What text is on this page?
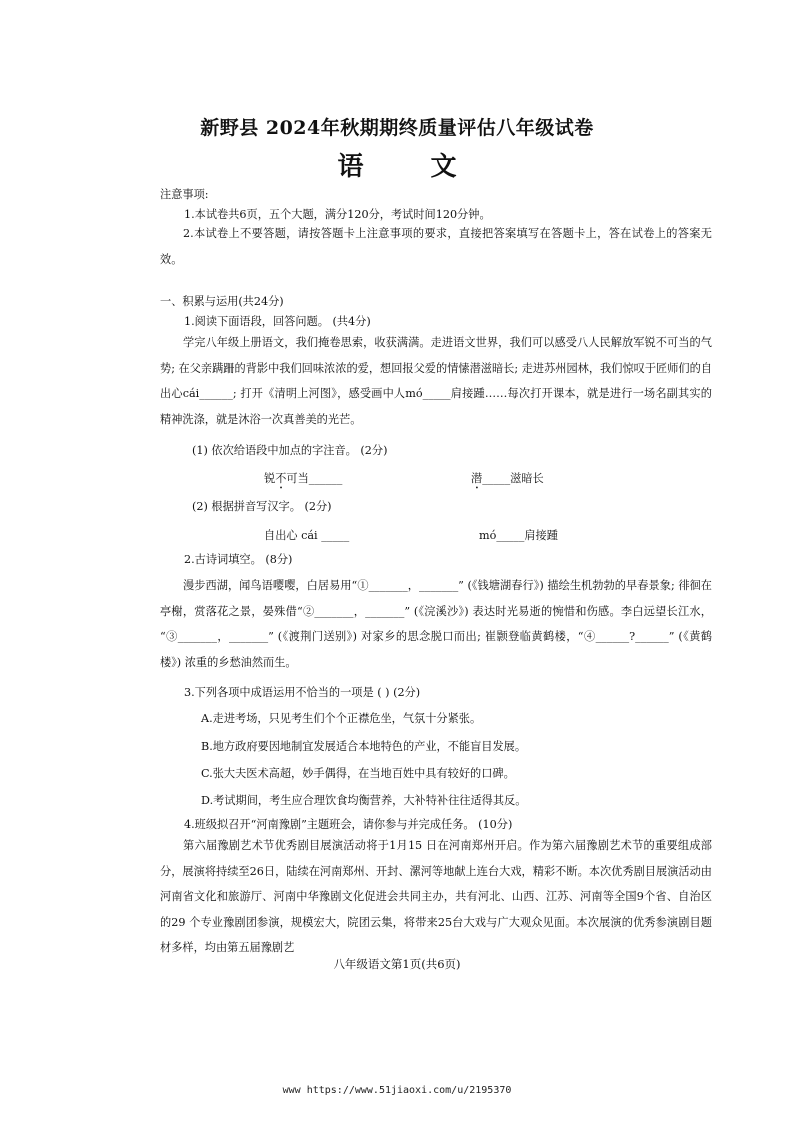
新野县 2024年秋期期终质量评估八年级试卷
语 文
注意事项:
1.本试卷共6页，五个大题，满分120分，考试时间120分钟。

2.本试卷上不要答题，请按答题卡上注意事项的要求，直接把答案填写在答题卡上，答在试卷上的答案无效。

一、积累与运用(共24分)
1.阅读下面语段，回答问题。 (共4分)

学完八年级上册语文，我们掩卷思索，收获满满。走进语文世界，我们可以感受八人民解放军锐不可当的气势; 在父亲蹒跚的背影中我们回味浓浓的爱，想回报父爱的情愫潜滋暗长; 走进苏州园林，我们惊叹于匠师们的自出心cái______; 打开《清明上河图》，感受画中人mó_____肩接踵……每次打开课本，就是进行一场名副其实的精神洗涤，就是沐浴一次真善美的光芒。

(1) 依次给语段中加点的字注音。 (2分)
锐不可当______	潜_____滋暗长
(2) 根据拼音写汉字。 (2分)
自出心 cái _____	mó_____肩接踵
2.古诗词填空。 (8分)

漫步西湖，闻鸟语嘤嘤，白居易用“①_______，_______” (《钱塘湖春行》) 描绘生机勃勃的早春景象; 徘徊在亭榭，赏落花之景，晏殊借“②_______，_______” (《浣溪沙》) 表达时光易逝的惋惜和伤感。李白远望长江水， “③_______，_______” (《渡荆门送别》) 对家乡的思念脱口而出; 崔颢登临黄鹤楼，“④______?______” (《黄鹤楼》) 浓重的乡愁油然而生。

3.下列各项中成语运用不恰当的一项是 ( ) (2分)
A.走进考场，只见考生们个个正襟危坐，气氛十分紧张。
B.地方政府要因地制宜发展适合本地特色的产业，不能盲目发展。
C.张大夫医术高超，妙手偶得，在当地百姓中具有较好的口碑。
D.考试期间，考生应合理饮食均衡营养，大补特补往往适得其反。
4.班级拟召开“河南豫剧”主题班会，请你参与并完成任务。 (10分)

第六届豫剧艺术节优秀剧目展演活动将于1月15 日在河南郑州开启。作为第六届豫剧艺术节的重要组成部分，展演将持续至26日，陆续在河南郑州、开封、漯河等地献上连台大戏，精彩不断。本次优秀剧目展演活动由河南省文化和旅游厅、河南中华豫剧文化促进会共同主办，共有河北、山西、江苏、河南等全国9个省、自治区的29 个专业豫剧团参演，规模宏大，院团云集，将带来25台大戏与广大观众见面。本次展演的优秀参演剧目题材多样，均由第五届豫剧艺

八年级语文第1页(共6页)
www https://www.51jiaoxi.com/u/2195370
